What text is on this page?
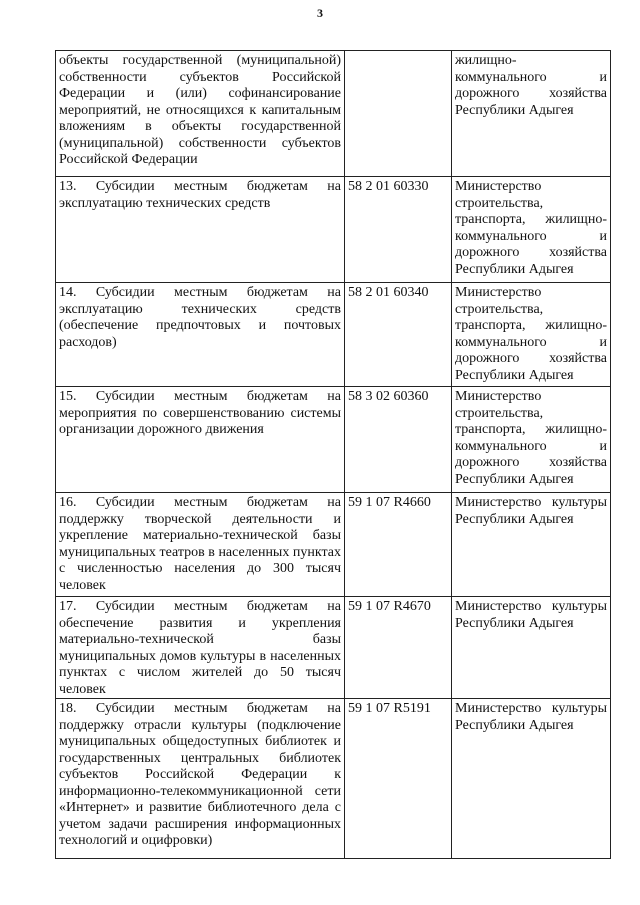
3
объекты государственной (муниципальной) собственности субъектов Российской Федерации и (или) софинансирование мероприятий, не относящихся к капитальным вложениям в объекты государственной (муниципальной) собственности субъектов Российской Федерации		жилищно-коммунального и дорожного хозяйства Республики Адыгея
13. Субсидии местным бюджетам на эксплуатацию технических средств	58 2 01 60330	Министерство строительства, транспорта, жилищно-коммунального и дорожного хозяйства Республики Адыгея
14. Субсидии местным бюджетам на эксплуатацию технических средств (обеспечение предпочтовых и почтовых расходов)	58 2 01 60340	Министерство строительства, транспорта, жилищно-коммунального и дорожного хозяйства Республики Адыгея
15. Субсидии местным бюджетам на мероприятия по совершенствованию системы организации дорожного движения	58 3 02 60360	Министерство строительства, транспорта, жилищно-коммунального и дорожного хозяйства Республики Адыгея
16. Субсидии местным бюджетам на поддержку творческой деятельности и укрепление материально-технической базы муниципальных театров в населенных пунктах с численностью населения до 300 тысяч человек	59 1 07 R4660	Министерство культуры Республики Адыгея
17. Субсидии местным бюджетам на обеспечение развития и укрепления материально-технической базы муниципальных домов культуры в населенных пунктах с числом жителей до 50 тысяч человек	59 1 07 R4670	Министерство культуры Республики Адыгея
18. Субсидии местным бюджетам на поддержку отрасли культуры (подключение муниципальных общедоступных библиотек и государственных центральных библиотек субъектов Российской Федерации к информационно-телекоммуникационной сети «Интернет» и развитие библиотечного дела с учетом задачи расширения информационных технологий и оцифровки)	59 1 07 R5191	Министерство культуры Республики Адыгея
